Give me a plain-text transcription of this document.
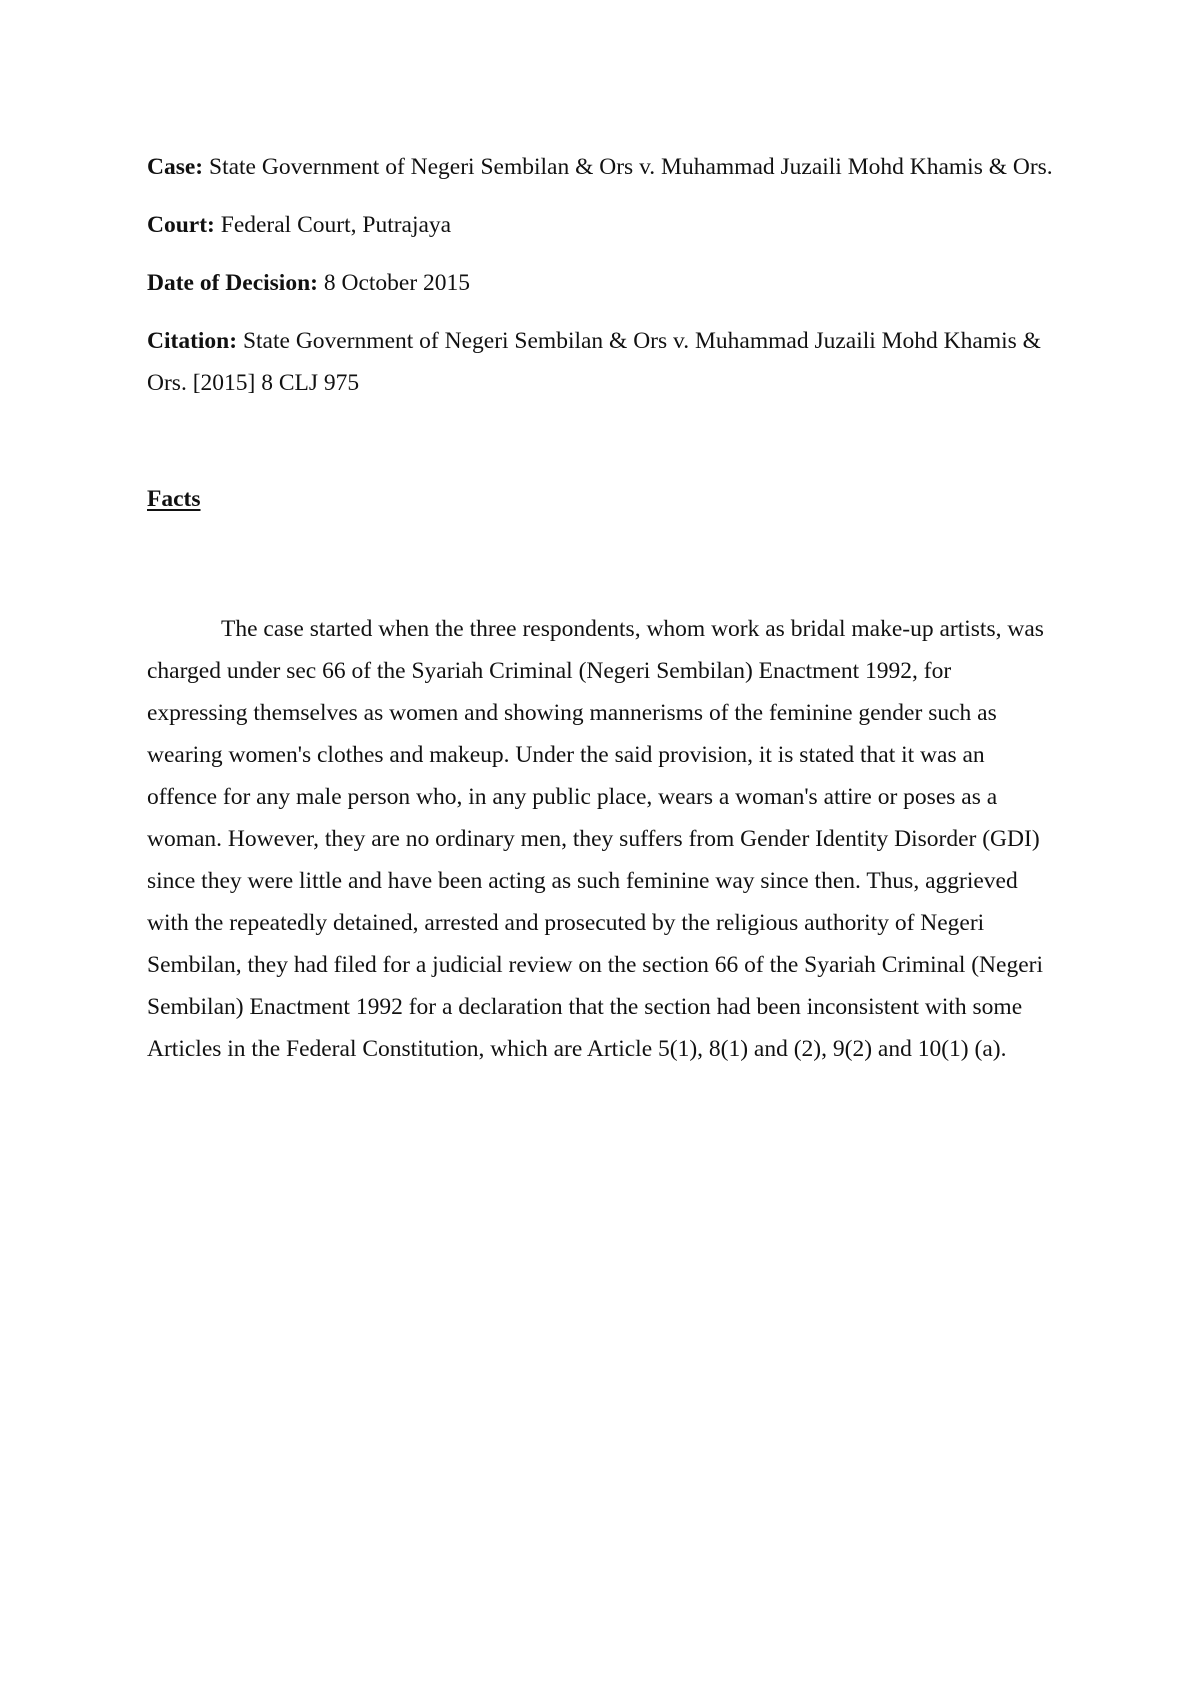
Case: State Government of Negeri Sembilan & Ors v. Muhammad Juzaili Mohd Khamis & Ors.

Court: Federal Court, Putrajaya

Date of Decision: 8 October 2015

Citation: State Government of Negeri Sembilan & Ors v. Muhammad Juzaili Mohd Khamis & Ors. [2015] 8 CLJ 975

Facts

The case started when the three respondents, whom work as bridal make-up artists, was charged under sec 66 of the Syariah Criminal (Negeri Sembilan) Enactment 1992, for expressing themselves as women and showing mannerisms of the feminine gender such as wearing women's clothes and makeup. Under the said provision, it is stated that it was an offence for any male person who, in any public place, wears a woman's attire or poses as a woman. However, they are no ordinary men, they suffers from Gender Identity Disorder (GDI) since they were little and have been acting as such feminine way since then. Thus, aggrieved with the repeatedly detained, arrested and prosecuted by the religious authority of Negeri Sembilan, they had filed for a judicial review on the section 66 of the Syariah Criminal (Negeri Sembilan) Enactment 1992 for a declaration that the section had been inconsistent with some Articles in the Federal Constitution, which are Article 5(1), 8(1) and (2), 9(2) and 10(1) (a).
